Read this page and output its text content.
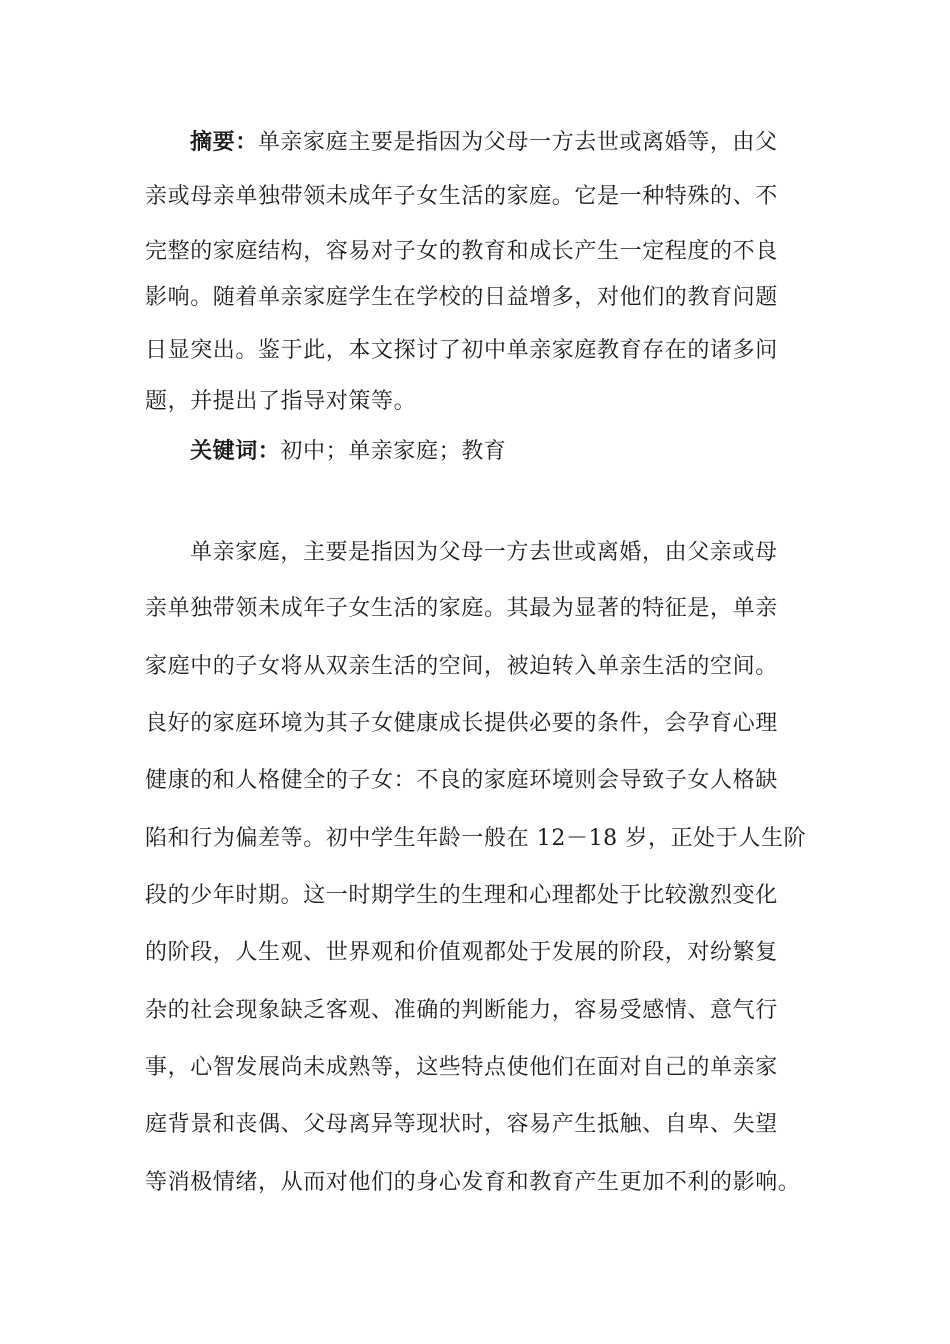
摘要：单亲家庭主要是指因为父母一方去世或离婚等，由父
亲或母亲单独带领未成年子女生活的家庭。它是一种特殊的、不
完整的家庭结构，容易对子女的教育和成长产生一定程度的不良
影响。随着单亲家庭学生在学校的日益增多，对他们的教育问题
日显突出。鉴于此，本文探讨了初中单亲家庭教育存在的诸多问
题，并提出了指导对策等。
关键词：初中；单亲家庭；教育
单亲家庭，主要是指因为父母一方去世或离婚，由父亲或母
亲单独带领未成年子女生活的家庭。其最为显著的特征是，单亲
家庭中的子女将从双亲生活的空间，被迫转入单亲生活的空间。
良好的家庭环境为其子女健康成长提供必要的条件，会孕育心理
健康的和人格健全的子女：不良的家庭环境则会导致子女人格缺
陷和行为偏差等。初中学生年龄一般在 12－18 岁，正处于人生阶
段的少年时期。这一时期学生的生理和心理都处于比较激烈变化
的阶段，人生观、世界观和价值观都处于发展的阶段，对纷繁复
杂的社会现象缺乏客观、准确的判断能力，容易受感情、意气行
事，心智发展尚未成熟等，这些特点使他们在面对自己的单亲家
庭背景和丧偶、父母离异等现状时，容易产生抵触、自卑、失望
等消极情绪，从而对他们的身心发育和教育产生更加不利的影响。
